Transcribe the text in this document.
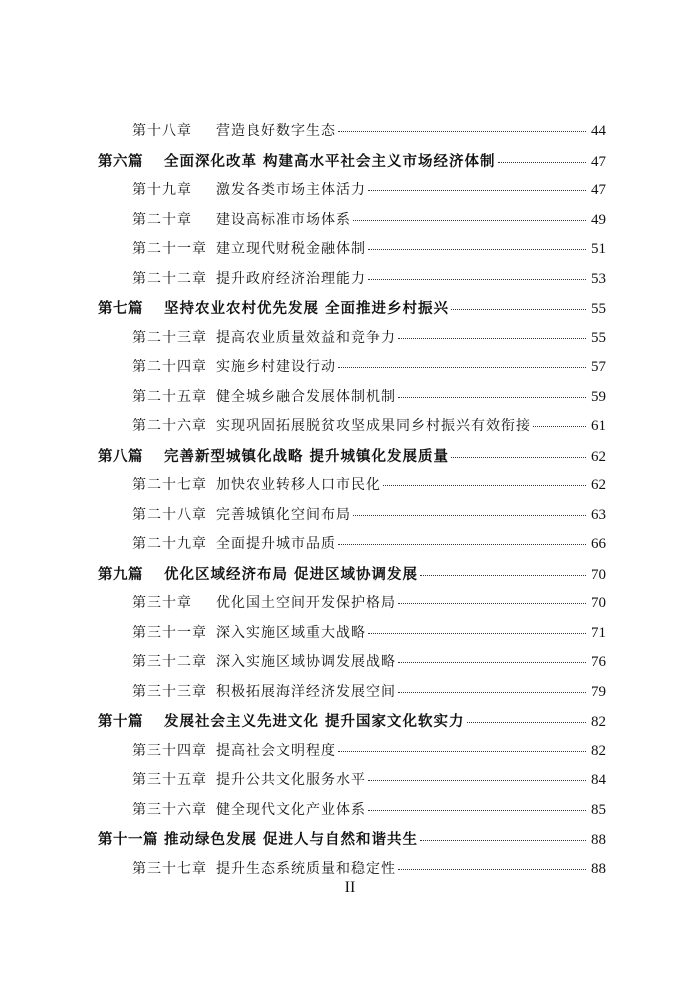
第十八章	营造良好数字生态	44
第六篇	全面深化改革 构建高水平社会主义市场经济体制	47
第十九章	激发各类市场主体活力	47
第二十章	建设高标准市场体系	49
第二十一章 建立现代财税金融体制	51
第二十二章 提升政府经济治理能力	53
第七篇	坚持农业农村优先发展 全面推进乡村振兴	55
第二十三章 提高农业质量效益和竞争力	55
第二十四章 实施乡村建设行动	57
第二十五章 健全城乡融合发展体制机制	59
第二十六章 实现巩固拓展脱贫攻坚成果同乡村振兴有效衔接	61
第八篇	完善新型城镇化战略 提升城镇化发展质量	62
第二十七章 加快农业转移人口市民化	62
第二十八章 完善城镇化空间布局	63
第二十九章 全面提升城市品质	66
第九篇	优化区域经济布局 促进区域协调发展	70
第三十章	优化国土空间开发保护格局	70
第三十一章 深入实施区域重大战略	71
第三十二章 深入实施区域协调发展战略	76
第三十三章 积极拓展海洋经济发展空间	79
第十篇	发展社会主义先进文化 提升国家文化软实力	82
第三十四章 提高社会文明程度	82
第三十五章 提升公共文化服务水平	84
第三十六章 健全现代文化产业体系	85
第十一篇 推动绿色发展 促进人与自然和谐共生	88
第三十七章 提升生态系统质量和稳定性	88
II
